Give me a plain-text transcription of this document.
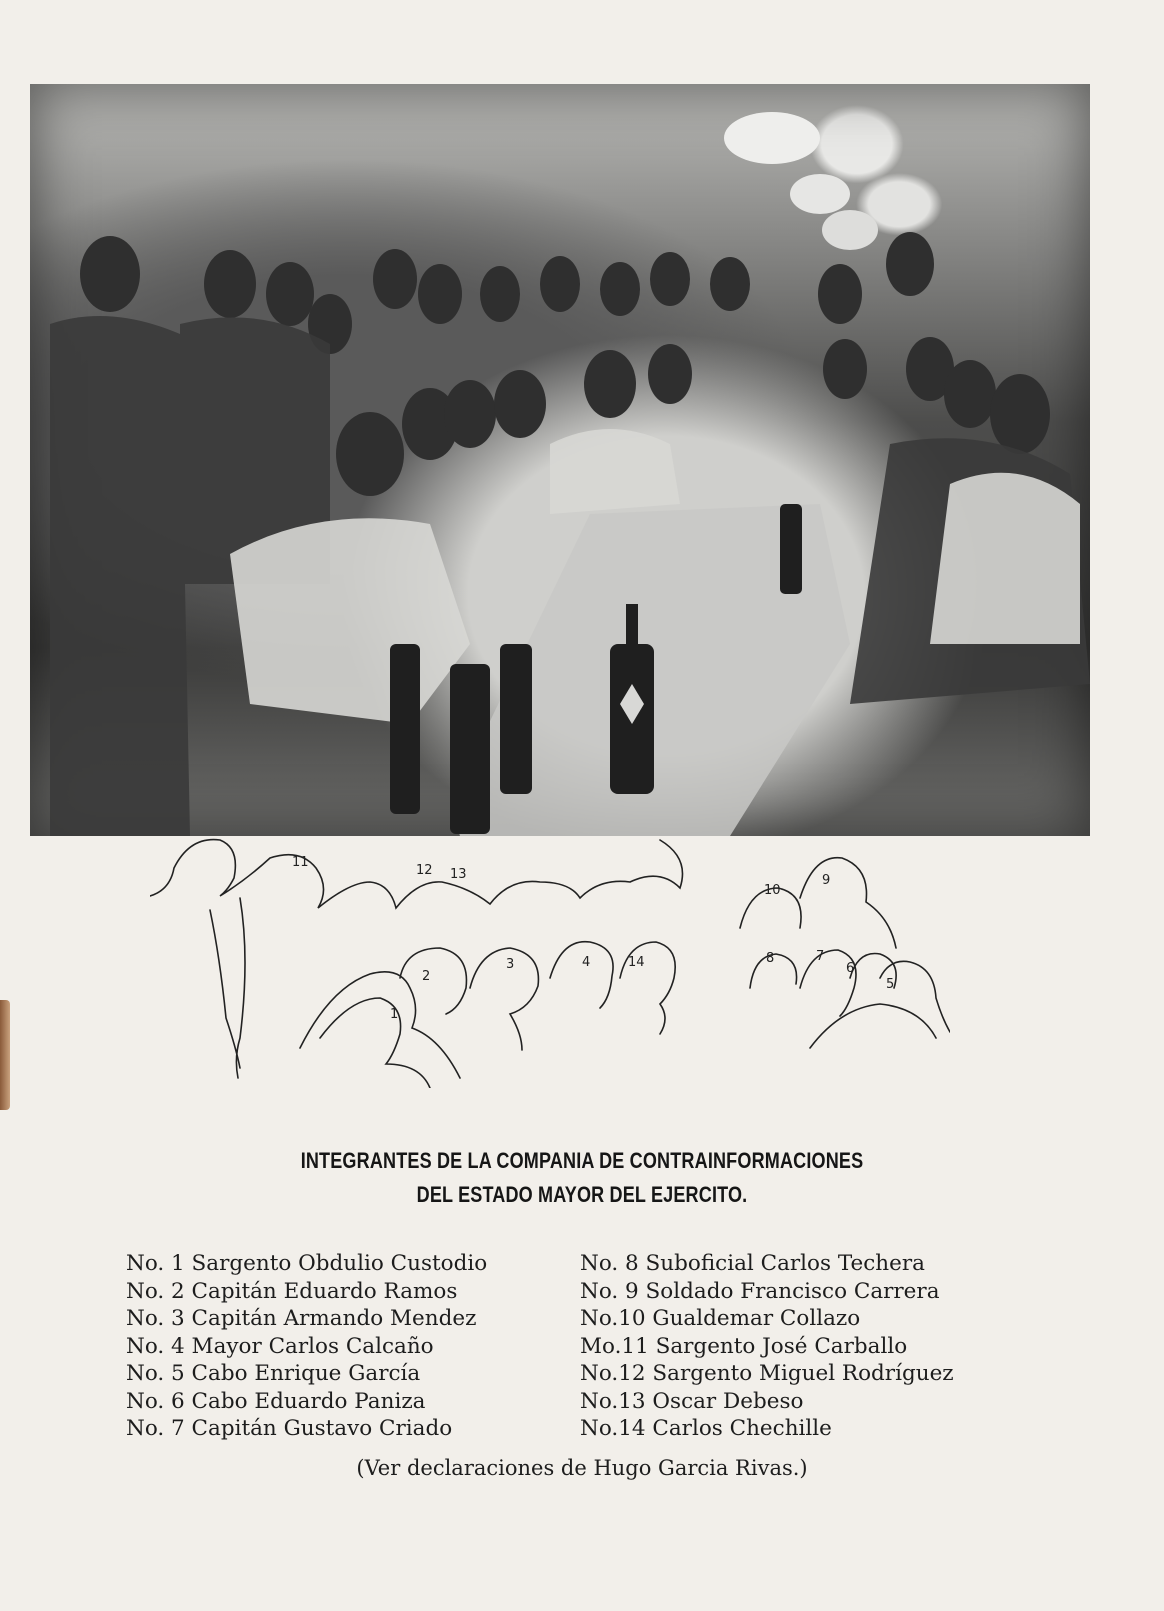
1
2
3	4
5
6
7
8
9
10
11
12 13
14
INTEGRANTES DE LA COMPANIA DE CONTRAINFORMACIONES
DEL ESTADO MAYOR DEL EJERCITO.
No. 1 Sargento Obdulio Custodio
No. 2 Capitán Eduardo Ramos
No. 3 Capitán Armando Mendez
No. 4 Mayor Carlos Calcaño
No. 5 Cabo Enrique García
No. 6 Cabo Eduardo Paniza
No. 7 Capitán Gustavo Criado
No. 8 Suboficial Carlos Techera
No. 9 Soldado Francisco Carrera
No.10 Gualdemar Collazo
Mo.11 Sargento José Carballo
No.12 Sargento Miguel Rodríguez
No.13 Oscar Debeso
No.14 Carlos Chechille
(Ver declaraciones de Hugo Garcia Rivas.)
